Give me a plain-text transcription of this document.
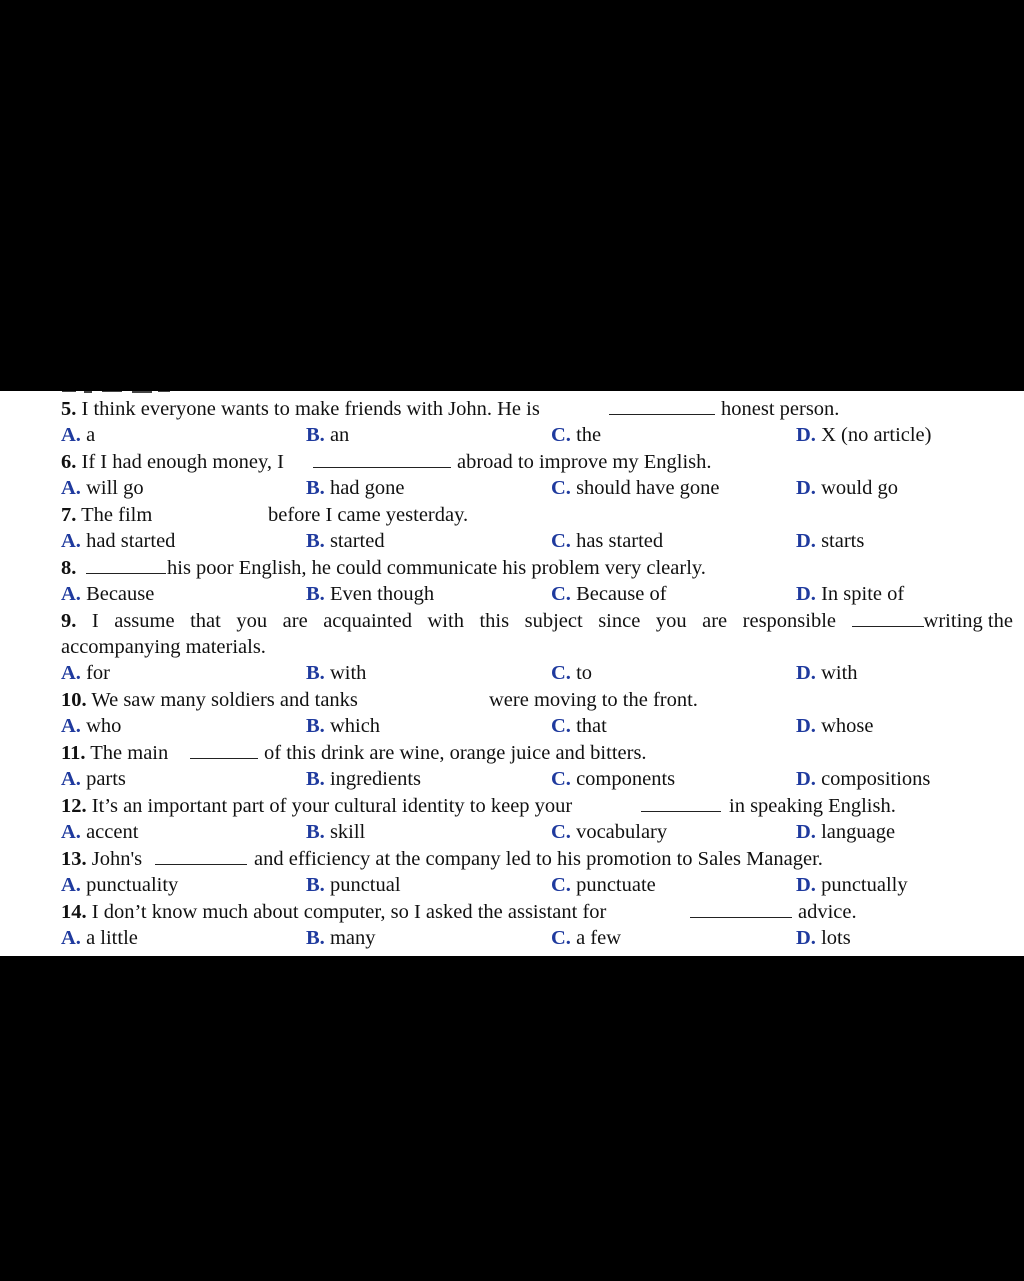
5. I think everyone wants to make friends with John. He is	honest person.
A. a	B. an	C. the	D. X (no article)
6. If I had enough money, I	abroad to improve my English.
A. will go	B. had gone	C. should have gone	D. would go
7. The film	before I came yesterday.
A. had started	B. started	C. has started	D. starts
8.	his poor English, he could communicate his problem very clearly.
A. Because	B. Even though	C. Because of	D. In spite of
9. I assume that you are acquainted with this subject since you are responsible	writing the
accompanying materials.
A. for	B. with	C. to	D. with
10. We saw many soldiers and tanks	were moving to the front.
A. who	B. which	C. that	D. whose
11. The main	of this drink are wine, orange juice and bitters.
A. parts	B. ingredients	C. components	D. compositions
12. It’s an important part of your cultural identity to keep your	in speaking English.
A. accent	B. skill	C. vocabulary	D. language
13. John's	and efficiency at the company led to his promotion to Sales Manager.
A. punctuality	B. punctual	C. punctuate	D. punctually
14. I don’t know much about computer, so I asked the assistant for	advice.
A. a little	B. many	C. a few	D. lots
